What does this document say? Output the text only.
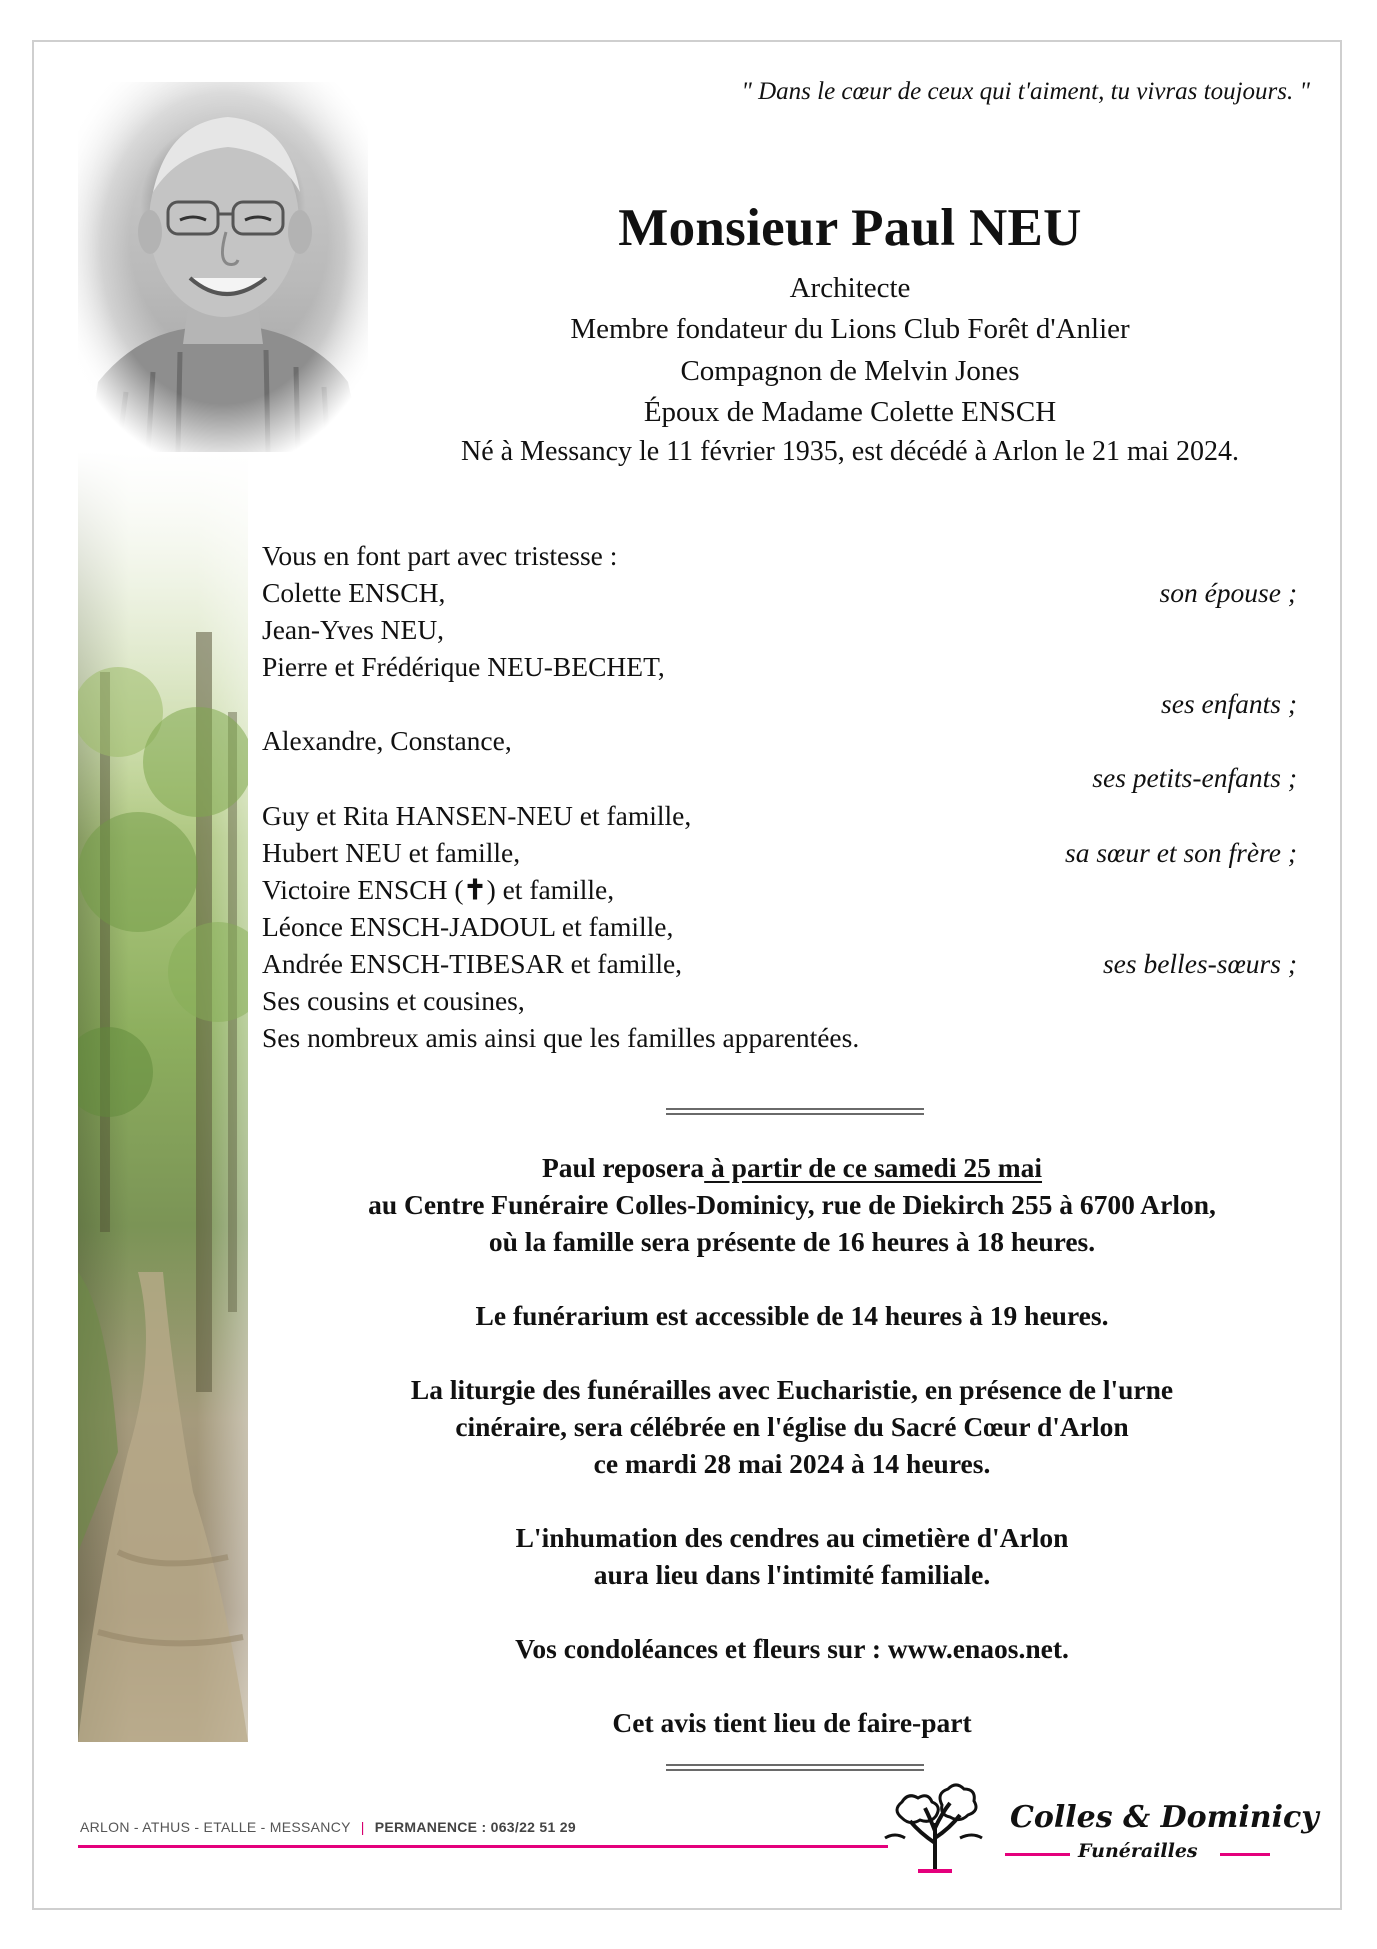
" Dans le cœur de ceux qui t'aiment, tu vivras toujours. "
Monsieur Paul NEU
Architecte
Membre fondateur du Lions Club Forêt d'Anlier
Compagnon de Melvin Jones
Époux de Madame Colette ENSCH
Né à Messancy le 11 février 1935, est décédé à Arlon le 21 mai 2024.
Vous en font part avec tristesse :
Colette ENSCH,	son épouse ;
Jean-Yves NEU,
Pierre et Frédérique NEU-BECHET,
ses enfants ;
Alexandre, Constance,
ses petits-enfants ;
Guy et Rita HANSEN-NEU et famille,
Hubert NEU et famille,	sa sœur et son frère ;
Victoire ENSCH (✝) et famille,
Léonce ENSCH-JADOUL et famille,
Andrée ENSCH-TIBESAR et famille,	ses belles-sœurs ;
Ses cousins et cousines,
Ses nombreux amis ainsi que les familles apparentées.
Paul reposera à partir de ce samedi 25 mai
au Centre Funéraire Colles-Dominicy, rue de Diekirch 255 à 6700 Arlon,
où la famille sera présente de 16 heures à 18 heures.
Le funérarium est accessible de 14 heures à 19 heures.
La liturgie des funérailles avec Eucharistie, en présence de l'urne
cinéraire, sera célébrée en l'église du Sacré Cœur d'Arlon
ce mardi 28 mai 2024 à 14 heures.
L'inhumation des cendres au cimetière d'Arlon
aura lieu dans l'intimité familiale.
Vos condoléances et fleurs sur : www.enaos.net.
Cet avis tient lieu de faire-part
ARLON - ATHUS - ETALLE - MESSANCY | PERMANENCE : 063/22 51 29	Colles & Dominicy
Funérailles
